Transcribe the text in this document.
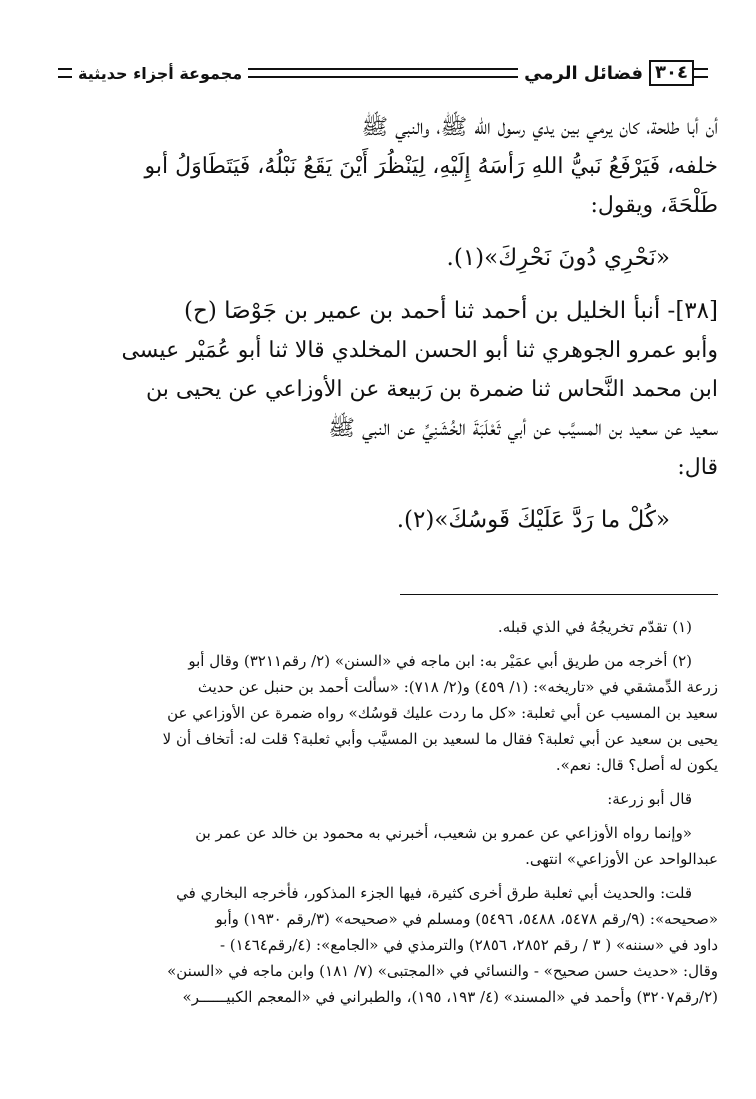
٣٠٤
فضائل الرمي
مجموعة أجزاء حديثية
أن أبا طلحة، كان يرمي بين يدي رسول الله ﷺ، والنبي ﷺ
خلفه، فَيَرْفَعُ نَبيُّ اللهِ رَأسَهُ إِلَيْهِ، لِيَنْظُرَ أَيْنَ يَقَعُ نَبْلُهُ، فَيَتَطَاوَلُ أبو
طَلْحَةَ، ويقول:
«نَحْرِي دُونَ نَحْرِكَ»(١).
[٣٨]- أنبأ الخليل بن أحمد ثنا أحمد بن عمير بن جَوْصَا (ح)
وأبو عمرو الجوهري ثنا أبو الحسن المخلدي قالا ثنا أبو عُمَيْر عيسى
ابن محمد النَّحاس ثنا ضمرة بن رَبيعة عن الأوزاعي عن يحيى بن
سعيد عن سعيد بن المسيَّب عن أبي ثَعْلَبَةَ الخُشَنِيِّ عن النبي ﷺ
قال:
«كُلْ ما رَدَّ عَلَيْكَ قَوسُكَ»(٢).
(١) تقدّم تخريجُهُ في الذي قبله.
(٢) أخرجه من طريق أبي عمَيْر به: ابن ماجه في «السنن» (٢/ رقم٣٢١١) وقال أبو
زرعة الدِّمشقي في «تاريخه»: (١/ ٤٥٩) و(٢/ ٧١٨): «سألت أحمد بن حنبل عن حديث
سعيد بن المسيب عن أبي ثعلبة: «كل ما ردت عليك قوسُك» رواه ضمرة عن الأوزاعي عن
يحيى بن سعيد عن أبي ثعلبة؟ فقال ما لسعيد بن المسيَّب وأبي ثعلبة؟ قلت له: أتخاف أن لا
يكون له أصل؟ قال: نعم».
قال أبو زرعة:
«وإنما رواه الأوزاعي عن عمرو بن شعيب، أخبرني به محمود بن خالد عن عمر بن
عبدالواحد عن الأوزاعي» انتهى.
قلت: والحديث أبي ثعلبة طرق أخرى كثيرة، فيها الجزء المذكور، فأخرجه البخاري في
«صحيحه»: (٩/رقم ٥٤٧٨، ٥٤٨٨، ٥٤٩٦) ومسلم في «صحيحه» (٣/رقم ١٩٣٠) وأبو
داود في «سننه» ( ٣ / رقم ٢٨٥٢، ٢٨٥٦) والترمذي في «الجامع»: (٤/رقم١٤٦٤) -
وقال: «حديث حسن صحيح» - والنسائي في «المجتبى» (٧/ ١٨١) وابن ماجه في «السنن»
(٢/رقم٣٢٠٧) وأحمد في «المسند» (٤/ ١٩٣، ١٩٥)، والطبراني في «المعجم الكبيــــــر»
